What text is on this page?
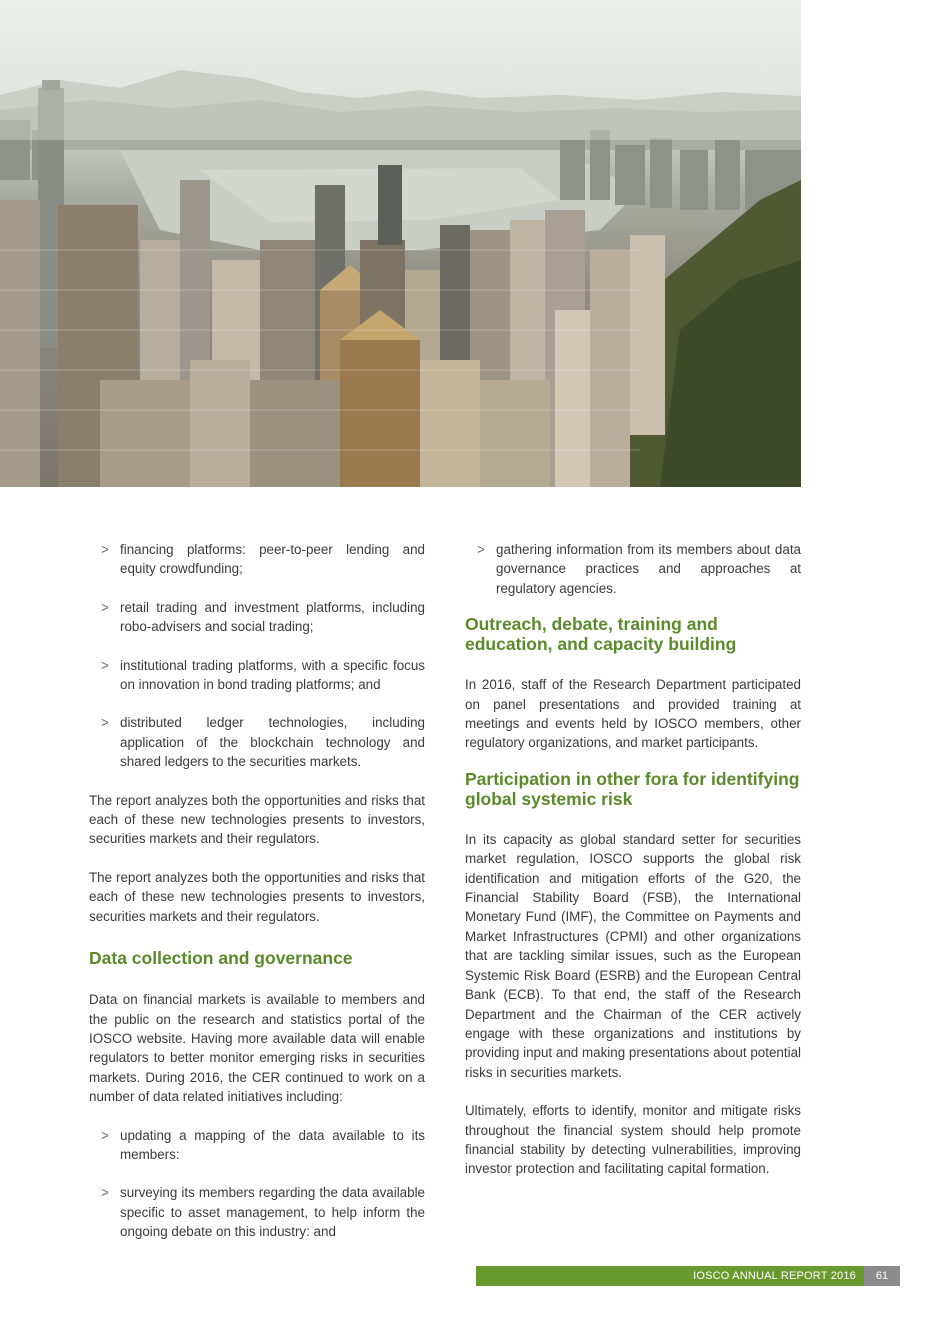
> financing platforms: peer-to-peer lending and equity crowdfunding;
> retail trading and investment platforms, including robo-advisers and social trading;
> institutional trading platforms, with a specific focus on innovation in bond trading platforms; and
> distributed ledger technologies, including application of the blockchain technology and shared ledgers to the securities markets.

The report analyzes both the opportunities and risks that each of these new technologies presents to investors, securities markets and their regulators.

The report analyzes both the opportunities and risks that each of these new technologies presents to investors, securities markets and their regulators.

Data collection and governance

Data on financial markets is available to members and the public on the research and statistics portal of the IOSCO website. Having more available data will enable regulators to better monitor emerging risks in securities markets. During 2016, the CER continued to work on a number of data related initiatives including:

> updating a mapping of the data available to its members:
> surveying its members regarding the data available specific to asset management, to help inform the ongoing debate on this industry: and
> gathering information from its members about data governance practices and approaches at regulatory agencies.
Outreach, debate, training and education, and capacity building

In 2016, staff of the Research Department participated on panel presentations and provided training at meetings and events held by IOSCO members, other regulatory organizations, and market participants.

Participation in other fora for identifying global systemic risk

In its capacity as global standard setter for securities market regulation, IOSCO supports the global risk identification and mitigation efforts of the G20, the Financial Stability Board (FSB), the International Monetary Fund (IMF), the Committee on Payments and Market Infrastructures (CPMI) and other organizations that are tackling similar issues, such as the European Systemic Risk Board (ESRB) and the European Central Bank (ECB). To that end, the staff of the Research Department and the Chairman of the CER actively engage with these organizations and institutions by providing input and making presentations about potential risks in securities markets.

Ultimately, efforts to identify, monitor and mitigate risks throughout the financial system should help promote financial stability by detecting vulnerabilities, improving investor protection and facilitating capital formation.

IOSCO ANNUAL REPORT 2016	61
